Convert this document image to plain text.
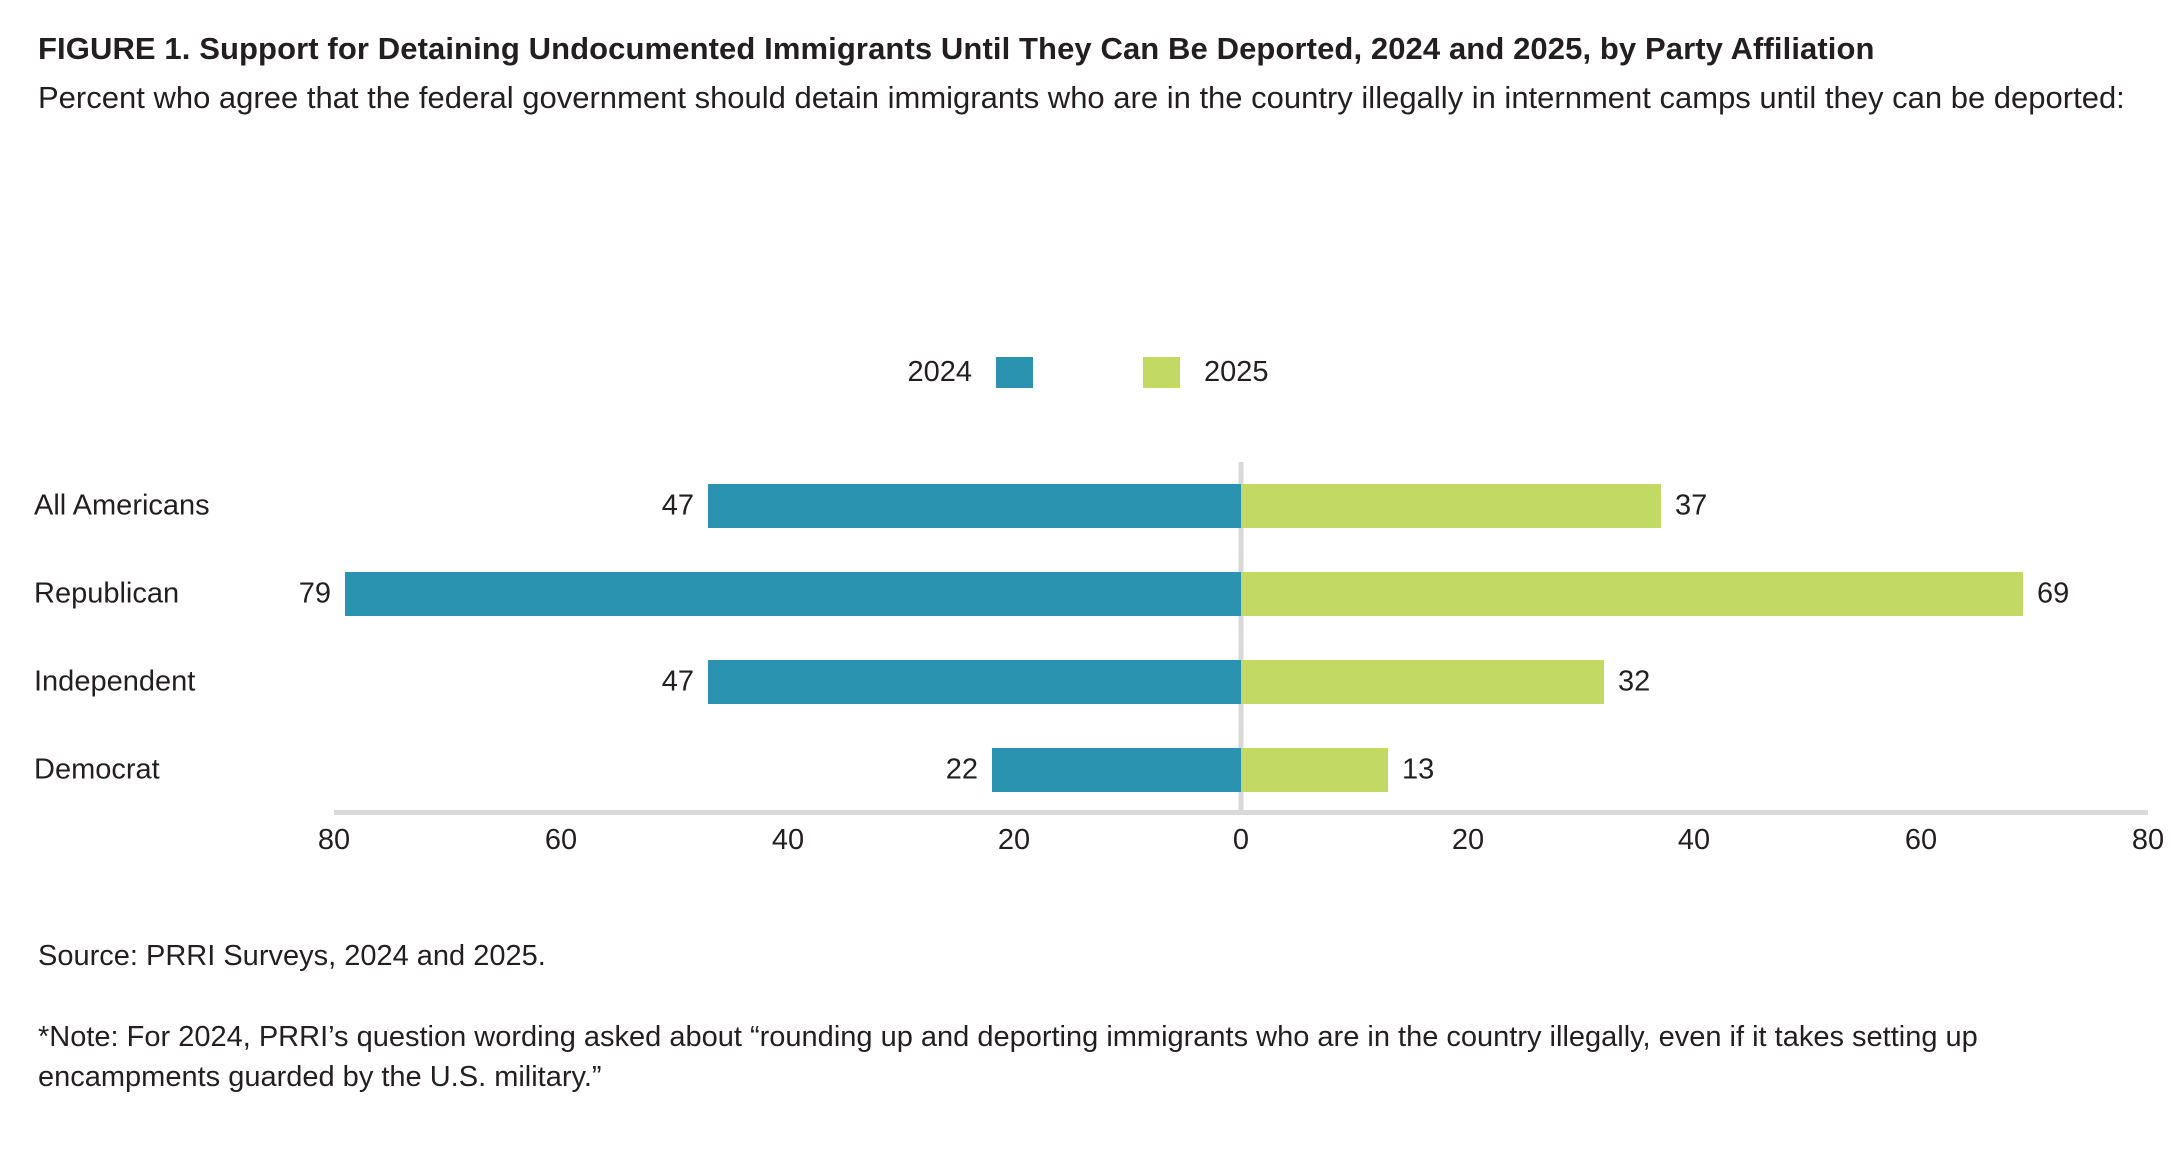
FIGURE 1. Support for Detaining Undocumented Immigrants Until They Can Be Deported, 2024 and 2025, by Party Affiliation

Percent who agree that the federal government should detain immigrants who are in the country illegally in internment camps until they can be deported:

2024	2025
All Americans	47	37
Republican	79	69
Independent	47	32
Democrat	22	13
80	60	40	20	0	20	40	60	80

Source: PRRI Surveys, 2024 and 2025.

*Note: For 2024, PRRI’s question wording asked about “rounding up and deporting immigrants who are in the country illegally, even if it takes setting up encampments guarded by the U.S. military.”
